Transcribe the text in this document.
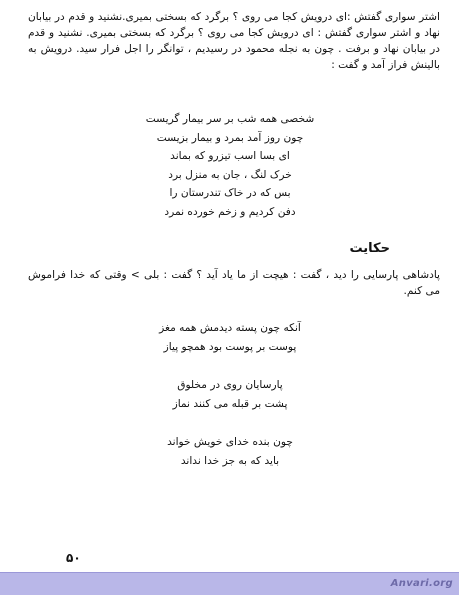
اشتر سواری گفتش :ای درویش کجا می روی ؟ برگرد که بسختی بمیری.نشنید و قدم در بیابان نهاد و اشتر سواری گفتش : ای درویش کجا می روی ؟ برگرد که بسختی بمیری. نشنید و قدم در بیابان نهاد و برفت . چون به نجله محمود در رسیدیم ، توانگر را اجل فرار سید. درویش به بالینش فراز آمد و گفت :

شخصی همه شب بر سر بیمار گریست
چون روز آمد بمرد و بیمار بزیست
ای بسا اسب تیزرو که بماند
خرک لنگ ، جان به منزل برد
بس که در خاک تندرستان را
دفن کردیم و زخم خورده نمرد
حکایت

پادشاهی پارسایی را دید ، گفت : هیچت از ما یاد آید ؟ گفت : بلی > وقتی که خدا فراموش می کنم.

آنکه چون پسته دیدمش همه مغز
پوست بر پوست بود همچو پیاز
پارسایان روی در مخلوق
پشت بر قبله می کنند نماز
چون بنده خدای خویش خواند
باید که به جز خدا نداند
۵۰
Anvari.org
